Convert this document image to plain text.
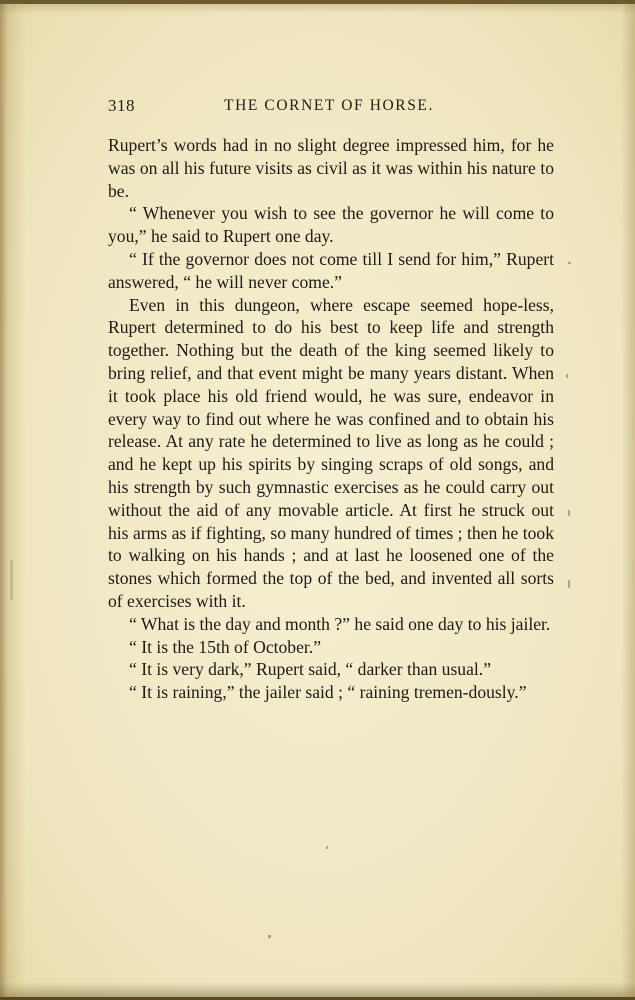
318	THE CORNET OF HORSE.

Rupert’s words had in no slight degree impressed him, for he was on all his future visits as civil as it was within his nature to be.

“ Whenever you wish to see the governor he will come to you,” he said to Rupert one day.

“ If the governor does not come till I send for him,” Rupert answered, “ he will never come.”

Even in this dungeon, where escape seemed hope-less, Rupert determined to do his best to keep life and strength together. Nothing but the death of the king seemed likely to bring relief, and that event might be many years distant. When it took place his old friend would, he was sure, endeavor in every way to find out where he was confined and to obtain his release. At any rate he determined to live as long as he could ; and he kept up his spirits by singing scraps of old songs, and his strength by such gymnastic exercises as he could carry out without the aid of any movable article. At first he struck out his arms as if fighting, so many hundred of times ; then he took to walking on his hands ; and at last he loosened one of the stones which formed the top of the bed, and invented all sorts of exercises with it.

“ What is the day and month ?” he said one day to his jailer.

“ It is the 15th of October.”

“ It is very dark,” Rupert said, “ darker than usual.”

“ It is raining,” the jailer said ; “ raining tremen-dously.”
